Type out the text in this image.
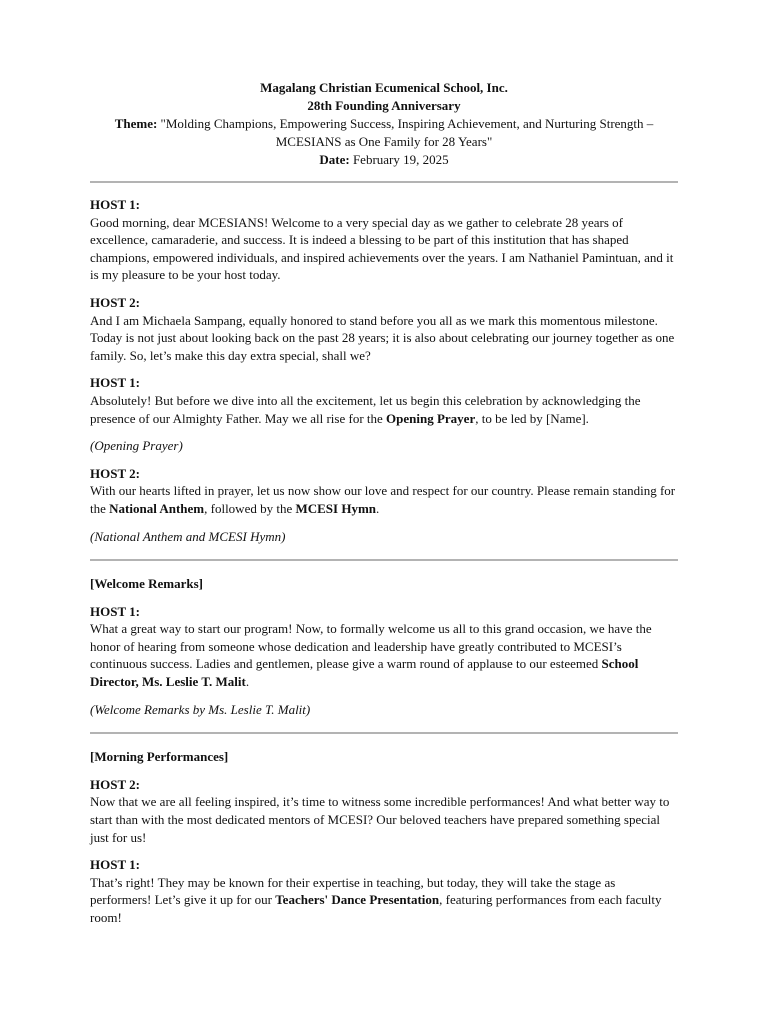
Magalang Christian Ecumenical School, Inc.
28th Founding Anniversary
Theme: "Molding Champions, Empowering Success, Inspiring Achievement, and Nurturing Strength – MCESIANS as One Family for 28 Years"
Date: February 19, 2025
HOST 1:

Good morning, dear MCESIANS! Welcome to a very special day as we gather to celebrate 28 years of excellence, camaraderie, and success. It is indeed a blessing to be part of this institution that has shaped champions, empowered individuals, and inspired achievements over the years. I am Nathaniel Pamintuan, and it is my pleasure to be your host today.

HOST 2:

And I am Michaela Sampang, equally honored to stand before you all as we mark this momentous milestone. Today is not just about looking back on the past 28 years; it is also about celebrating our journey together as one family. So, let’s make this day extra special, shall we?

HOST 1:

Absolutely! But before we dive into all the excitement, let us begin this celebration by acknowledging the presence of our Almighty Father. May we all rise for the Opening Prayer, to be led by [Name].

(Opening Prayer)

HOST 2:

With our hearts lifted in prayer, let us now show our love and respect for our country. Please remain standing for the National Anthem, followed by the MCESI Hymn.

(National Anthem and MCESI Hymn)

[Welcome Remarks]
HOST 1:

What a great way to start our program! Now, to formally welcome us all to this grand occasion, we have the honor of hearing from someone whose dedication and leadership have greatly contributed to MCESI’s continuous success. Ladies and gentlemen, please give a warm round of applause to our esteemed School Director, Ms. Leslie T. Malit.

(Welcome Remarks by Ms. Leslie T. Malit)

[Morning Performances]
HOST 2:

Now that we are all feeling inspired, it’s time to witness some incredible performances! And what better way to start than with the most dedicated mentors of MCESI? Our beloved teachers have prepared something special just for us!

HOST 1:

That’s right! They may be known for their expertise in teaching, but today, they will take the stage as performers! Let’s give it up for our Teachers' Dance Presentation, featuring performances from each faculty room!
